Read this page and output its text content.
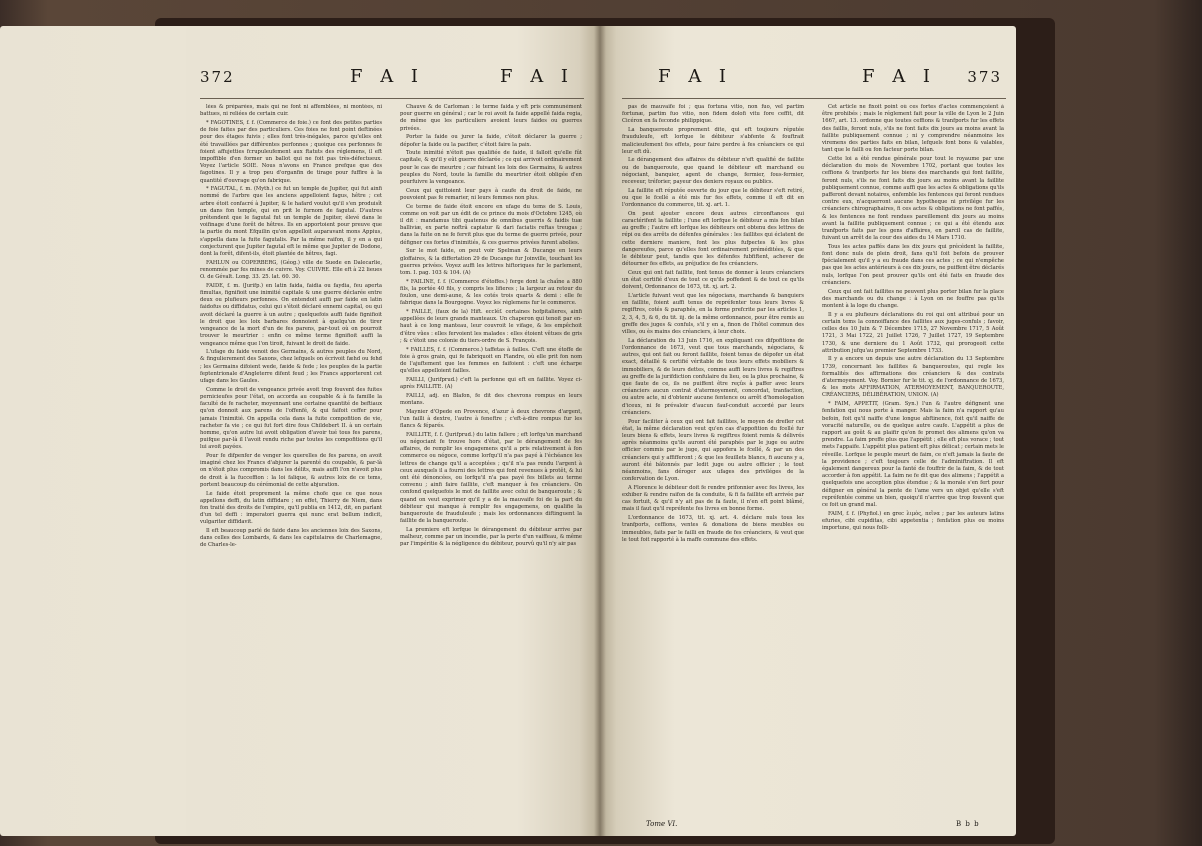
372	F A I	F A I

lées & préparées, mais qui ne font ni affemblées, ni montées, ni battues, ni reliées de certain cuir.

* FAGOTINES, f. f. (Commerce de foie.) ce font des petites parties de foie faites par des particuliers. Ces foies ne font point deftinées pour des étages fuivis ; elles font très-inégales, parce qu'elles ont été travaillées par différentes perfonnes ; quoique ces perfonnes fe foient affujetties fcrupuleufement aux ftatuts des réglemens, il eft impoffible d'en former un ballot qui ne foit pas très-défectueux. Voyez l'article SOIE. Nous n'avons en France prefque que des fagotines. Il y a trop peu d'organfin de tirage pour fuffire à la quantité d'ouvrage qu'on fabrique.

* FAGUTAL, f. m. (Myth.) ce fut un temple de Jupiter, qui fut ainfi nommé de l'arbre que les anciens appelloient fagus, hêtre ; cet arbre étoit confacré à Jupiter, & le hafard voulut qu'il s'en produisît un dans fon temple, qui en prit le furnom de fagutal. D'autres prétendent que le fagutal fut un temple de Jupiter, élevé dans le voifinage d'une forêt de hêtres. Ils en apportoient pour preuve que la partie du mont Efquilin qu'on appelloit auparavant mons Appius, s'appella dans la fuite fagutalis. Par la même raifon, il y en a qui conjecturent que Jupiter fagutal eft le même que Jupiter de Dodone, dont la forêt, difent-ils, étoit plantée de hêtres, fagi.

FAHLUN ou COPERBERG, (Géog.) ville de Suede en Dalecarlie, renommée par fes mines de cuivre. Voy. CUIVRE. Elle eft à 22 lieues O. de Gévalt. Long. 33. 25. lat. 60. 30.

FAIDE, f. m. (Jurifp.) en latin faida, faidia ou faydia, feu aperta fimultas, fignifioit une inimitié capitale & une guerre déclarée entre deux ou plufieurs perfonnes. On entendoit auffi par faide en latin faidofus ou diffidatus, celui qui s'étoit déclaré ennemi capital, ou qui avoit déclaré la guerre à un autre ; quelquefois auffi faide fignifioit le droit que les loix barbares donnoient à quelqu'un de tirer vengeance de la mort d'un de fes parens, par-tout où on pourroit trouver le meurtrier : enfin ce même terme fignifioit auffi la vengeance même que l'on tiroit, fuivant le droit de faide.

L'ufage du faide venoit des Germains, & autres peuples du Nord, & fingulierement des Saxons, chez lefquels on écrivoit fæhd ou fehd ; les Germains difoient wede, fæide & fede ; les peuples de la partie feptentrionale d'Angleterre difent feud ; les Francs apporterent cet ufage dans les Gaules.

Comme le droit de vengeance privée avoit trop fouvent des fuites pernicieufes pour l'état, on accorda au coupable & à fa famille la faculté de fe racheter, moyennant une certaine quantité de beftiaux qu'on donnoit aux parens de l'offenfé, & qui faifoit ceffer pour jamais l'inimitié. On appella cela dans la fuite compofition de vie, racheter fa vie ; ce qui fut fort dire fous Childebert II. à un certain homme, qu'on autre lui avoit obligation d'avoir tué tous fes parens, puifque par-là il l'avoit rendu riche par toutes les compofitions qu'il lui avoit payées.

Pour fe difpenfer de venger les querelles de fes parens, on avoit imaginé chez les Francs d'abjurer la parenté du coupable, & par-là on n'étoit plus compromis dans les délits, mais auffi l'on n'avoit plus de droit à la fucceffion : la loi falique, & autres loix de ce tems, portent beaucoup du cérémonial de cette abjuration.

Le faide étoit proprement la même chofe que ce que nous appellons deffi, du latin diffidare ; en effet, Thierry de Niem, dans fon traité des droits de l'empire, qu'il publia en 1412, dit, en parlant d'un tel deffi : imperatori guerra qui nunc erat bellum indicit, vulgariter diffidavit.

Il eft beaucoup parlé de faide dans les anciennes loix des Saxons, dans celles des Lombards, & dans les capitulaires de Charlemagne, de Charles-le-

Chauve & de Carloman : le terme faida y eft pris communément pour guerre en général ; car le roi avoit fa faide appellé faida regia, de même que les particuliers avoient leurs faides ou guerres privées.

Porter la faide ou jurer la faide, c'étoit déclarer la guerre ; dépofer la faide ou la pacifier, c'étoit faire la paix.

Toute inimitié n'étoit pas qualifiée de faide, il falloit qu'elle fût capitale, & qu'il y eût guerre déclarée ; ce qui arrivoit ordinairement pour le cas de meurtre ; car fuivant les loix des Germains, & autres peuples du Nord, toute la famille du meurtrier étoit obligée d'en pourfuivre la vengeance.

Ceux qui quittoient leur pays à caufe du droit de faide, ne pouvoient pas fe remarier, ni leurs femmes non plus.

Ce terme de faide étoit encore en ufage du tems de S. Louis, comme on voit par un édit de ce prince du mois d'Octobre 1245, où il dit : mandamus tibi quatenus de omnibus guerris & faidis tuæ balliviæ, ex parte noftrâ capiatur & dari faciatis reftas treugas ; dans la fuite on ne fe fervit plus que du terme de guerre privée, pour défigner ces fortes d'inimitiés, & ces guerres privées furent abolies.

Sur le mot faide, on peut voir Spelman & Ducange en leurs gloffaires, & la differtation 29 de Ducange fur Joinville, touchant les guerres privées. Voyez auffi les lettres hiftoriques fur le parlement, tom. I. pag. 103 & 104. (A)

* FAILINE, f. f. (Commerce d'étoffes.) ferge dont la chaîne a 880 fils, la portée 40 fils, y compris les lifieres ; la largeur au retour du foulon, une demi-aune, & les cotés trois quarts & demi : elle fe fabrique dans la Bourgogne. Voyez les réglemens fur le commerce.

* FAILLE, (faux de la) Hift. eccléf. certaines hofpitalieres, ainfi appellées de leurs grands manteaux. Un chaperon qui tenoit par en-haut à ce long manteau, leur couvroit le vifage, & les empêchoit d'être vûes : elles fervoient les malades : elles étoient vêtues de gris ; & c'étoit une colonie du tiers-ordre de S. François.

* FAILLES, f. f. (Commerce.) taffetas à failles. C'eft une étoffe de foie à gros grain, qui fe fabriquoit en Flandre, où elle prit fon nom de l'ajuftement que les femmes en faifoient : c'eft une écharpe qu'elles appelloient failles.

FAILLI, (Jurifprud.) c'eft la perfonne qui eft en faillite. Voyez ci-après FAILLITE. (A)

FAILLI, adj. en Blafon, fe dit des chevrons rompus en leurs montans.

Maynier d'Opede en Provence, d'azur à deux chevrons d'argent, l'un failli à dextre, l'autre à feneftre ; c'eft-à-dire rompus fur les flancs & féparés.

FAILLITE, f. f. (Jurifprud.) du latin fallere ; eft lorfqu'un marchand ou négociant fe trouve hors d'état, par le dérangement de fes affaires, de remplir les engagemens qu'il a pris relativement à fon commerce ou négoce, comme lorfqu'il n'a pas payé à l'échéance les lettres de change qu'il a acceptées ; qu'il n'a pas rendu l'argent à ceux auxquels il a fourni des lettres qui font revenues à protêt, & lui ont été dénoncées, ou lorfqu'il n'a pas payé fes billets au terme convenu ; ainfi faire faillite, c'eft manquer à fes créanciers. On confond quelquefois le mot de faillite avec celui de banqueroute ; & quand on veut exprimer qu'il y a de la mauvaife foi de la part du débiteur qui manque à remplir fes engagemens, on qualifie la banqueroute de frauduleufe ; mais les ordonnances diftinguent la faillite de la banqueroute.

La premiere eft lorfque le dérangement du débiteur arrive par malheur, comme par un incendie, par la perte d'un vaiffeau, & même par l'impéritie & la négligence du débiteur, pourvû qu'il n'y air pas

F A I	F A I 373

pas de mauvaife foi ; qua fortuna vitio, non fuo, vel partim fortunæ, partim fuo vitio, non fidem dolofi vitu fore ceffit, dit Cicéron en fa feconde philippique.

La banqueroute proprement dite, qui eft toujours réputée frauduleufe, eft lorfque le débiteur s'abfente & fouftrait malicieufement fes effets, pour faire perdre à fes créanciers ce qui leur eft dû.

Le dérangement des affaires du débiteur n'eft qualifié de faillite ou de banqueroute, que quand le débiteur eft marchand ou négociant, banquier, agent de change, fermier, fous-fermier, receveur, tréforier, payeur des deniers royaux ou publics.

La faillite eft réputée ouverte du jour que le débiteur s'eft retiré, ou que le fcellé a été mis fur fes effets, comme il eft dit en l'ordonnance du commerce, tit. xj. art. 1.

On peut ajouter encore deux autres circonftances qui caractérifent la faillite ; l'une eft lorfque le débiteur a mis fon bilan au greffe ; l'autre eft lorfque les débiteurs ont obtenu des lettres de répi ou des arrêts de défenfes générales : les faillites qui éclatent de cette derniere maniere, font les plus fufpectes & les plus dangereufes, parce qu'elles font ordinairement préméditées, & que le débiteur peut, tandis que les défenfes fubfiftent, achever de détourner fes effets, au préjudice de fes créanciers.

Ceux qui ont fait faillite, font tenus de donner à leurs créanciers un état certifié d'eux de tout ce qu'ils poffedent & de tout ce qu'ils doivent, Ordonnance de 1673, tit. xj. art. 2.

L'article fuivant veut que les négocians, marchands & banquiers en faillite, foient auffi tenus de repréfenter tous leurs livres & regiftres, cotés & paraphés, en la forme prefcrite par les articles 1, 2, 3, 4, 5, & 6, du tit. iij. de la même ordonnance, pour être remis au greffe des juges & confuls, s'il y en a, finon de l'hôtel commun des villes, ou ès mains des créanciers, à leur choix.

La déclaration du 13 Juin 1716, en expliquant ces difpofitions de l'ordonnance de 1673, veut que tous marchands, négocians, & autres, qui ont fait ou feront faillite, foient tenus de dépofer un état exact, détaillé & certifié véritable de tous leurs effets mobiliers & immobiliers, & de leurs dettes, comme auffi leurs livres & regiftres au greffe de la jurifdiction confulaire du lieu, ou la plus prochaine, & que faute de ce, ils ne puiffent être reçûs à paffer avec leurs créanciers aucun contrat d'atermoyement, concordat, tranfaction, ou autre acte, ni d'obtenir aucune fentence ou arrêt d'homologation d'iceux, ni fe prévaloir d'aucun fauf-conduit accordé par leurs créanciers.

Pour faciliter à ceux qui ont fait faillites, le moyen de drefler cet état, la même déclaration veut qu'en cas d'appofition du fcellé fur leurs biens & effets, leurs livres & regiftres foient remis & délivrés après néanmoins qu'ils auront été paraphés par le juge ou autre officier commis par le juge, qui appofera le fcellé, & par un des créanciers qui y affifferont ; & que les feuillets blancs, fi aucuns y a, auront été bâtonnés par ledit juge ou autre officier ; le tout néanmoins, fans déroger aux ufages des priviléges de la confervation de Lyon.

A Florence le débiteur doit fe rendre prifonnier avec fes livres, les exhiber & rendre raifon de fa conduite, & fi fa faillite eft arrivée par cas fortuit, & qu'il n'y ait pas de fa faute, il n'en eft point blâmé, mais il faut qu'il repréfente fes livres en bonne forme.

L'ordonnance de 1673, tit. xj. art. 4. déclare nuls tous les tranfports, ceffions, ventes & donations de biens meubles ou immeubles, faits par le failli en fraude de fes créanciers, & veut que le tout foit rapporté à la maffe commune des effets.

Cet article ne fixoit point où ces fortes d'actes commençoient à être prohibés ; mais le réglement fait pour la ville de Lyon le 2 Juin 1667, art. 13. ordonne que toutes ceffions & tranfports fur les effets des faillis, feront nuls, s'ils ne font faits dix jours au moins avant la faillite publiquement connue ; ni y comprendre néanmoins les viremens des parties faits en bilan, lefquels font bons & valables, tant que le failli ou fon facteur porte bilan.

Cette loi a été rendue générale pour tout le royaume par une déclaration du mois de Novembre 1702, portant que toutes les ceffions & tranfports fur les biens des marchands qui font faillite, feront nuls, s'ils ne font faits dix jours au moins avant la faillite publiquement connue, comme auffi que les actes & obligations qu'ils pafferont devant notaires, enfemble les fentences qui feront rendues contre eux, n'acquerront aucune hypotheque ni privilége fur les créanciers chirographaires, fi ces actes & obligations ne font paffés, & les fentences ne font rendues pareillement dix jours au moins avant la faillite publiquement connue ; ce qui a été étendu aux tranfports faits par les gens d'affaires, en parcil cas de faillite, fuivant un arrêt de la cour des aides du 14 Mars 1710.

Tous les actes paffés dans les dix jours qui précédent la faillite, font donc nuls de plein droit, fans qu'il foit befoin de prouver fpécialement qu'il y a eu fraude dans ces actes ; ce qui n'empêche pas que les actes antérieurs à ces dix jours, ne puiffent être déclarés nuls, lorfque l'on peut prouver qu'ils ont été faits en fraude des créanciers.

Ceux qui ont fait faillites ne peuvent plus porter bilan fur la place des marchands ou du change : à Lyon on ne fouffre pas qu'ils montent à la loge du change.

Il y a eu plufieurs déclarations du roi qui ont attribué pour un certain tems la connoiffance des faillites aux juges-confuls ; favoir, celles des 10 Juin & 7 Décembre 1715, 27 Novembre 1717, 5 Août 1721, 3 Mai 1722, 21 Juillet 1726, 7 Juillet 1727, 19 Septembre 1730, & une derniere du 1 Août 1732, qui prorogeoit cette attribution jufqu'au premier Septembre 1733.

Il y a encore un depuis une autre déclaration du 13 Septembre 1739, concernant les faillites & banqueroutes, qui regle les formalités des affirmations des créanciers & des contrats d'atermoyement. Voy. Bornier fur le tit. xj. de l'ordonnance de 1673, & les mots AFFIRMATION, ATERMOYEMENT, BANQUEROUTE, CRÉANCIERS, DÉLIBÉRATION, UNION. (A)

* FAIM, APPETIT, (Gram. Syn.) l'un & l'autre défignent une fenfation qui nous porte à manger. Mais la faim n'a rapport qu'au befoin, foit qu'il naiffe d'une longue abftinence, foit qu'il naiffe de voracité naturelle, ou de quelque autre caufe. L'appétit a plus de rapport au goût & au plaifir qu'on fe promet des alimens qu'on va prendre. La faim preffe plus que l'appétit ; elle eft plus vorace ; tout mets l'appaife. L'appétit plus patient eft plus délicat ; certain mets le réveille. Lorfque le peuple meurt de faim, ce n'eft jamais la faute de la providence ; c'eft toujours celle de l'adminiftration. Il eft également dangereux pour la fanté de fouffrir de la faim, & de tout accorder à fon appétit. La faim ne fe dit que des alimens ; l'appétit a quelquefois une acception plus étendue ; & la morale s'en fert pour défigner en général la pente de l'ame vers un objet qu'elle s'eft repréfentée comme un bien, quoiqu'il n'arrive que trop fouvent que ce foit un grand mal.

FAIM, f. f. (Phyfiol.) en grec λιμὸς, πεῖνα ; par les auteurs latins efuries, cibi cupiditas, cibi appetentia ; fenfation plus ou moins importune, qui nous folli-

Tome VI.	B b b
